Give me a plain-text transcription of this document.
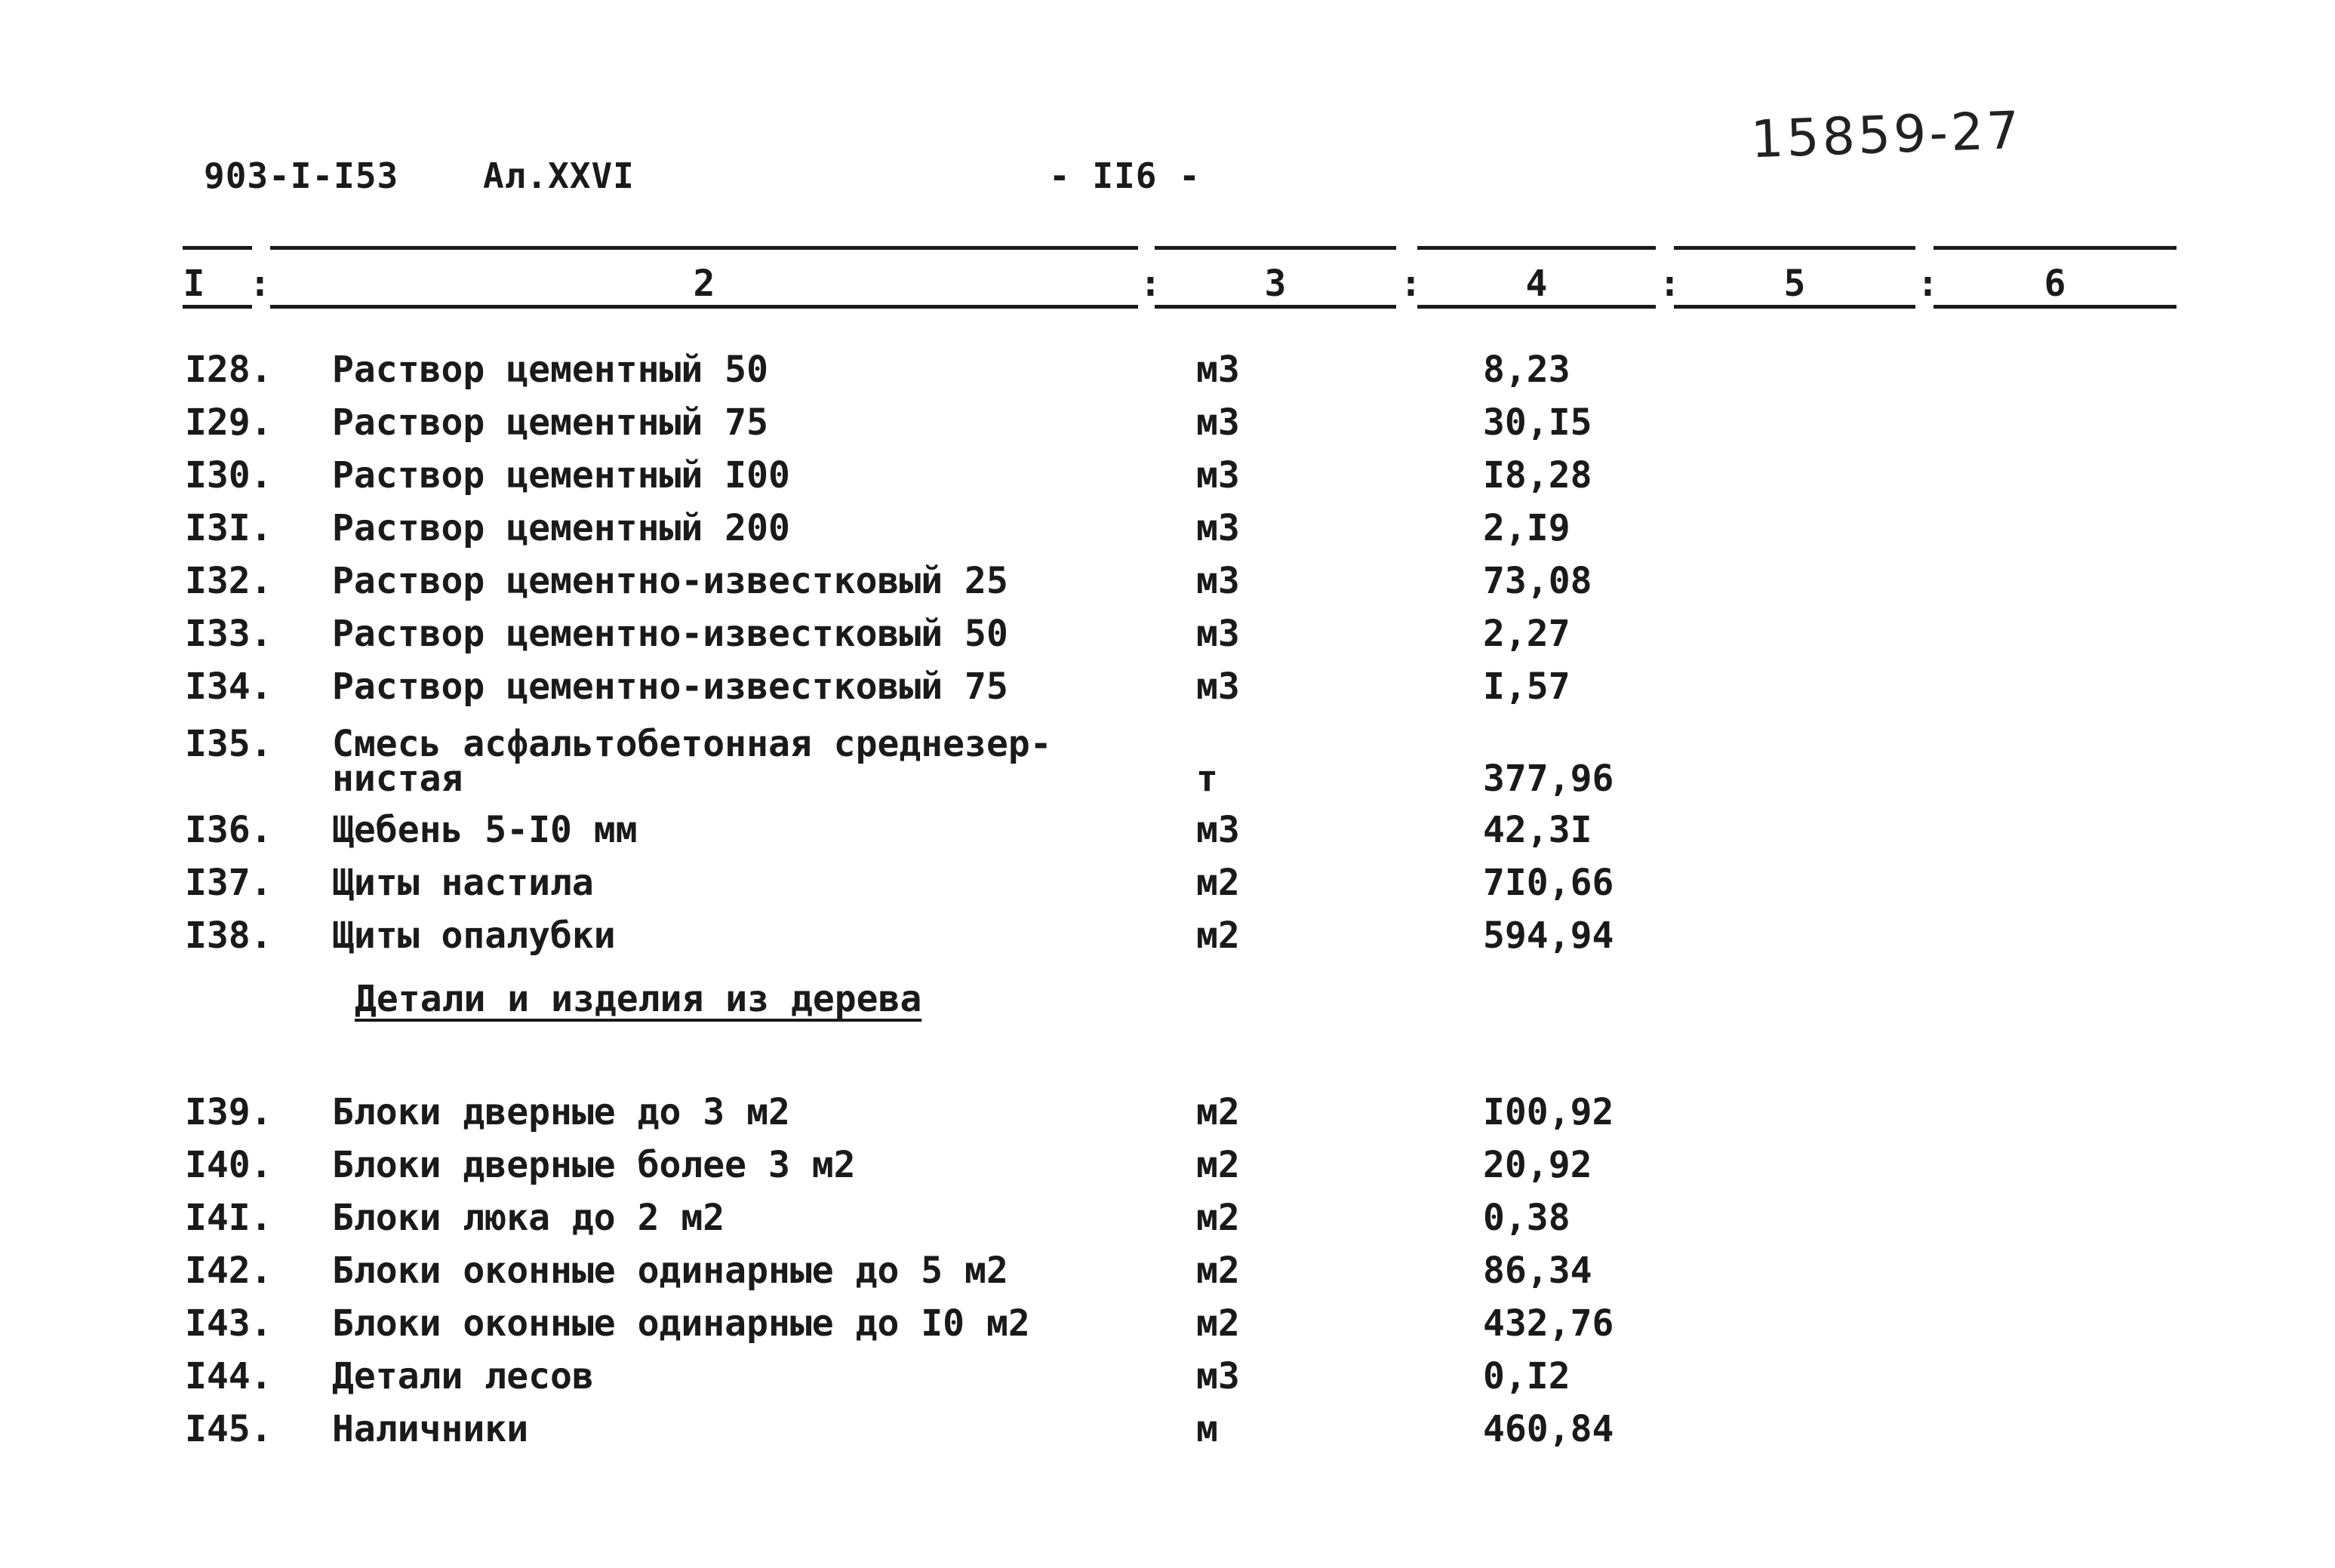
903-I-I53 Ал.XXVI	- II6 -
15859-27
I :	2	:	3	:	4	:	5	:	6
I28. Раствор цементный 50	м3	8,23
I29. Раствор цементный 75	м3	30,I5
I30. Раствор цементный I00	м3	I8,28
I3I. Раствор цементный 200	м3	2,I9
I32. Раствор цементно-известковый 25	м3	73,08
I33. Раствор цементно-известковый 50	м3	2,27
I34. Раствор цементно-известковый 75	м3	I,57
I35. Смесь асфальтобетонная среднезер-
нистая	т	377,96
I36. Щебень 5-I0 мм	м3	42,3I
I37. Щиты настила	м2	7I0,66
I38. Щиты опалубки	м2	594,94
Детали и изделия из дерева
I39. Блоки дверные до 3 м2	м2	I00,92
I40. Блоки дверные более 3 м2	м2	20,92
I4I. Блоки люка до 2 м2	м2	0,38
I42. Блоки оконные одинарные до 5 м2	м2	86,34
I43. Блоки оконные одинарные до I0 м2	м2	432,76
I44. Детали лесов	м3	0,I2
I45. Наличники	м	460,84
